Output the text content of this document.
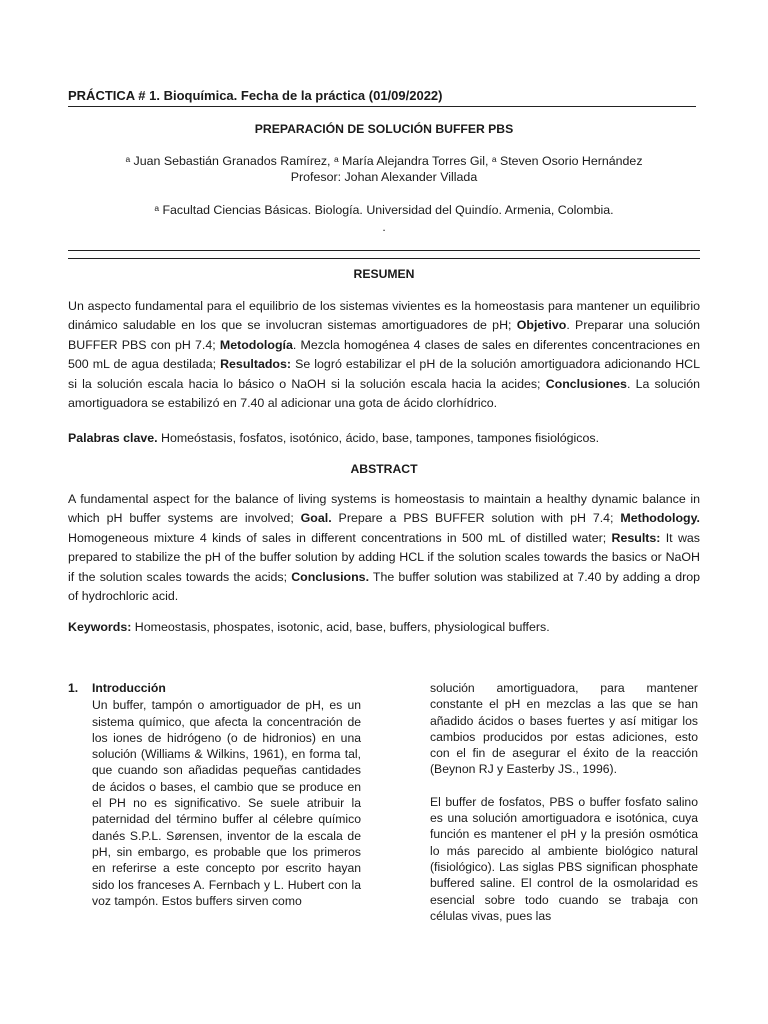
PRÁCTICA # 1. Bioquímica. Fecha de la práctica (01/09/2022)
PREPARACIÓN DE SOLUCIÓN BUFFER PBS
ᵃ Juan Sebastián Granados Ramírez, ᵃ María Alejandra Torres Gil, ᵃ Steven Osorio Hernández
Profesor: Johan Alexander Villada
ᵃ Facultad Ciencias Básicas. Biología. Universidad del Quindío. Armenia, Colombia.
.
RESUMEN
Un aspecto fundamental para el equilibrio de los sistemas vivientes es la homeostasis para mantener un equilibrio dinámico saludable en los que se involucran sistemas amortiguadores de pH; Objetivo. Preparar una solución BUFFER PBS con pH 7.4; Metodología. Mezcla homogénea 4 clases de sales en diferentes concentraciones en 500 mL de agua destilada; Resultados: Se logró estabilizar el pH de la solución amortiguadora adicionando HCL si la solución escala hacia lo básico o NaOH si la solución escala hacia la acides; Conclusiones. La solución amortiguadora se estabilizó en 7.40 al adicionar una gota de ácido clorhídrico.
Palabras clave. Homeóstasis, fosfatos, isotónico, ácido, base, tampones, tampones fisiológicos.
ABSTRACT
A fundamental aspect for the balance of living systems is homeostasis to maintain a healthy dynamic balance in which pH buffer systems are involved; Goal. Prepare a PBS BUFFER solution with pH 7.4; Methodology. Homogeneous mixture 4 kinds of sales in different concentrations in 500 mL of distilled water; Results: It was prepared to stabilize the pH of the buffer solution by adding HCL if the solution scales towards the basics or NaOH if the solution scales towards the acids; Conclusions. The buffer solution was stabilized at 7.40 by adding a drop of hydrochloric acid.
Keywords: Homeostasis, phospates, isotonic, acid, base, buffers, physiological buffers.
1. Introducción
Un buffer, tampón o amortiguador de pH, es un sistema químico, que afecta la concentración de los iones de hidrógeno (o de hidronios) en una solución (Williams & Wilkins, 1961), en forma tal, que cuando son añadidas pequeñas cantidades de ácidos o bases, el cambio que se produce en el PH no es significativo. Se suele atribuir la paternidad del término buffer al célebre químico danés S.P.L. Sørensen, inventor de la escala de pH, sin embargo, es probable que los primeros en referirse a este concepto por escrito hayan sido los franceses A. Fernbach y L. Hubert con la voz tampón. Estos buffers sirven como

solución amortiguadora, para mantener constante el pH en mezclas a las que se han añadido ácidos o bases fuertes y así mitigar los cambios producidos por estas adiciones, esto con el fin de asegurar el éxito de la reacción (Beynon RJ y Easterby JS., 1996).

El buffer de fosfatos, PBS o buffer fosfato salino es una solución amortiguadora e isotónica, cuya función es mantener el pH y la presión osmótica lo más parecido al ambiente biológico natural (fisiológico). Las siglas PBS significan phosphate buffered saline. El control de la osmolaridad es esencial sobre todo cuando se trabaja con células vivas, pues las
